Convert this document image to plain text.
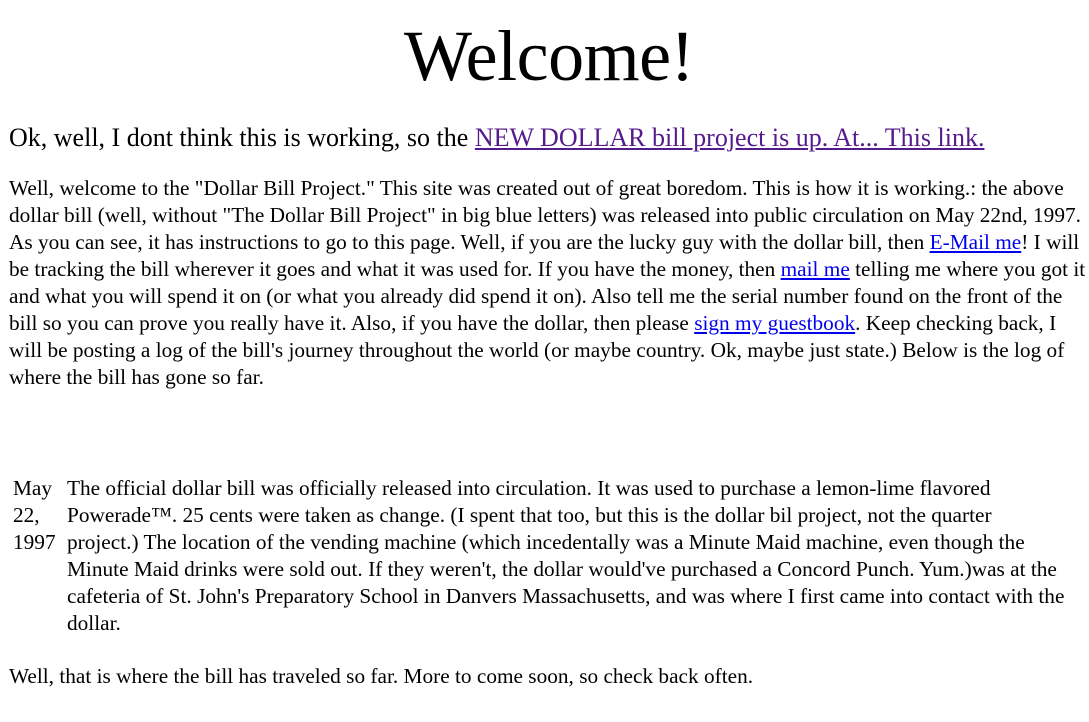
Welcome!

Ok, well, I dont think this is working, so the NEW DOLLAR bill project is up. At... This link.

Well, welcome to the "Dollar Bill Project." This site was created out of great boredom. This is how it is working.: the above dollar bill (well, without "The Dollar Bill Project" in big blue letters) was released into public circulation on May 22nd, 1997. As you can see, it has instructions to go to this page. Well, if you are the lucky guy with the dollar bill, then E-Mail me! I will be tracking the bill wherever it goes and what it was used for. If you have the money, then mail me telling me where you got it and what you will spend it on (or what you already did spend it on). Also tell me the serial number found on the front of the bill so you can prove you really have it. Also, if you have the dollar, then please sign my guestbook. Keep checking back, I will be posting a log of the bill's journey throughout the world (or maybe country. Ok, maybe just state.) Below is the log of where the bill has gone so far.

May 22, 1997	The official dollar bill was officially released into circulation. It was used to purchase a lemon-lime flavored Powerade™. 25 cents were taken as change. (I spent that too, but this is the dollar bil project, not the quarter project.) The location of the vending machine (which incedentally was a Minute Maid machine, even though the Minute Maid drinks were sold out. If they weren't, the dollar would've purchased a Concord Punch. Yum.)was at the cafeteria of St. John's Preparatory School in Danvers Massachusetts, and was where I first came into contact with the dollar.

Well, that is where the bill has traveled so far. More to come soon, so check back often.
